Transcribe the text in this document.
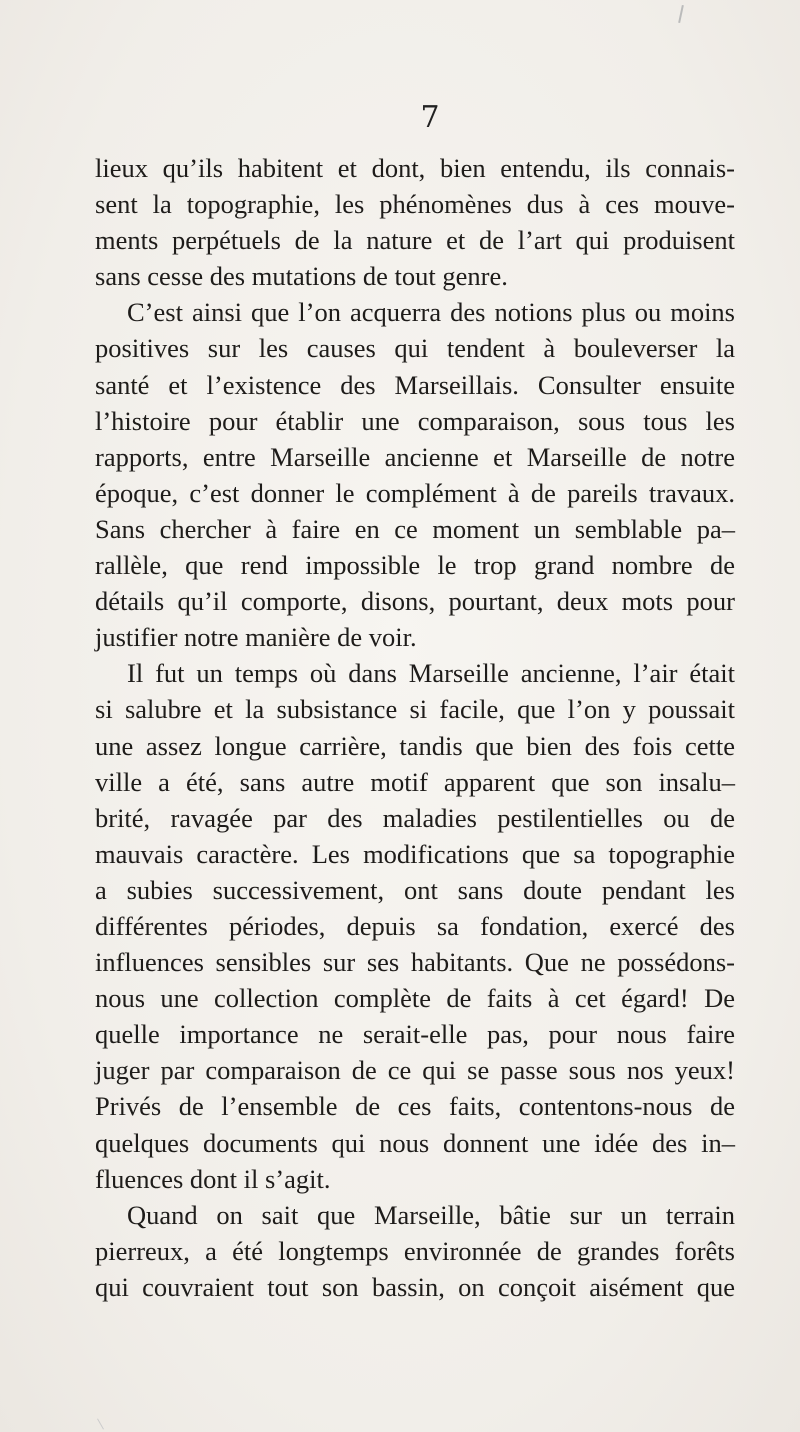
7
lieux qu’ils habitent et dont, bien entendu, ils connais-
sent la topographie, les phénomènes dus à ces mouve-
ments perpétuels de la nature et de l’art qui produisent
sans cesse des mutations de tout genre.
C’est ainsi que l’on acquerra des notions plus ou moins
positives sur les causes qui tendent à bouleverser la
santé et l’existence des Marseillais. Consulter ensuite
l’histoire pour établir une comparaison, sous tous les
rapports, entre Marseille ancienne et Marseille de notre
époque, c’est donner le complément à de pareils travaux.
Sans chercher à faire en ce moment un semblable pa–
rallèle, que rend impossible le trop grand nombre de
détails qu’il comporte, disons, pourtant, deux mots pour
justifier notre manière de voir.
Il fut un temps où dans Marseille ancienne, l’air était
si salubre et la subsistance si facile, que l’on y poussait
une assez longue carrière, tandis que bien des fois cette
ville a été, sans autre motif apparent que son insalu–
brité, ravagée par des maladies pestilentielles ou de
mauvais caractère. Les modifications que sa topographie
a subies successivement, ont sans doute pendant les
différentes périodes, depuis sa fondation, exercé des
influences sensibles sur ses habitants. Que ne possédons-
nous une collection complète de faits à cet égard! De
quelle importance ne serait-elle pas, pour nous faire
juger par comparaison de ce qui se passe sous nos yeux!
Privés de l’ensemble de ces faits, contentons-nous de
quelques documents qui nous donnent une idée des in–
fluences dont il s’agit.
Quand on sait que Marseille, bâtie sur un terrain
pierreux, a été longtemps environnée de grandes forêts
qui couvraient tout son bassin, on conçoit aisément que
